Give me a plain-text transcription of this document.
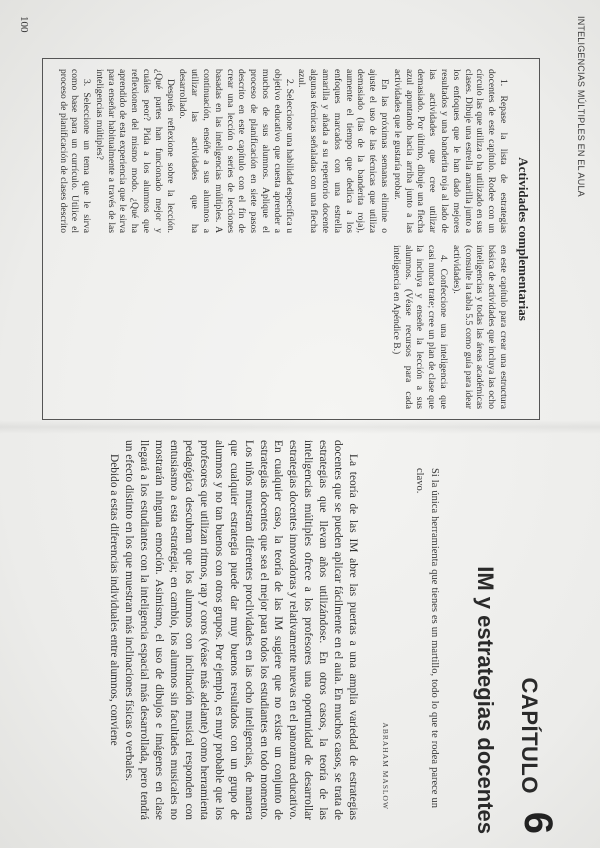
INTELIGENCIAS MÚLTIPLES EN EL AULA
100
Actividades complementarias

1. Repase la lista de estrategias docentes de este capítulo. Rodee con un círculo las que utiliza o ha utilizado en sus clases. Dibuje una estrella amarilla junto a los enfoques que le han dado mejores resultados y una banderita roja al lado de las actividades que cree utilizar demasiado. Por último, dibuje una flecha azul apuntando hacia arriba junto a las actividades que le gustaría probar.

En las próximas semanas elimine o ajuste el uso de las técnicas que utiliza demasiado (las de la banderita roja), aumente el tiempo que dedica a los enfoques marcados con una estrella amarilla y añada a su repertorio docente algunas técnicas señaladas con una flecha azul.

2. Seleccione una habilidad específica u objetivo educativo que cuesta aprender a muchos de sus alumnos. Aplique el proceso de planificación en siete pasos descrito en este capítulo con el fin de crear una lección o series de lecciones basadas en las inteligencias múltiples. A continuación, enséñe a sus alumnos a utilizar las actividades que ha desarrollado.

Después reflexione sobre la lección. ¿Qué partes han funcionado mejor y cuáles peor? Pida a los alumnos que reflexionen del mismo modo. ¿Qué ha aprendido de esta experiencia que le sirva para enseñar habitualmente a través de las inteligencias múltiples?

3. Seleccione un tema que le sirva como base para un currículo. Utilice el proceso de planificación de clases descrito en este capítulo para crear una estructura básica de actividades que incluya las ocho inteligencias y todas las áreas académicas (consulte la tabla 5.5 como guía para idear actividades).

4. Confeccione una inteligencia que casi nunca trate; cree un plan de clase que la incluya y enseñe la lección a sus alumnos. (Véase recursos para cada inteligencia en Apéndice B.)

CAPÍTULO
6
IM y estrategias docentes
Si la única herramienta que tienes es un martillo, todo lo que te rodea parece un clavo.
ABRAHAM MASLOW

La teoría de las IM abre las puertas a una amplia variedad de estrategias docentes que se pueden aplicar fácilmente en el aula. En muchos casos, se trata de estrategias que llevan años utilizándose. En otros casos, la teoría de las inteligencias múltiples ofrece a los profesores una oportunidad de desarrollar estrategias docentes innovadoras y relativamente nuevas en el panorama educativo. En cualquier caso, la teoría de las IM sugiere que no existe un conjunto de estrategias docentes que sea el mejor para todos los estudiantes en todo momento. Los niños muestran diferentes proclividades en las ocho inteligencias, de manera que cualquier estrategia puede dar muy buenos resultados con un grupo de alumnos y no tan buenos con otros grupos. Por ejemplo, es muy probable que los profesores que utilizan ritmos, rap y coros (véase más adelante) como herramienta pedagógica descubran que los alumnos con inclinación musical responden con entusiasmo a esta estrategia; en cambio, los alumnos sin facultades musicales no mostrarán ninguna emoción. Asimismo, el uso de dibujos e imágenes en clase llegará a los estudiantes con la inteligencia espacial más desarrollada, pero tendrá un efecto distinto en los que muestran más inclinaciones físicas o verbales.

Debido a estas diferencias individuales entre alumnos, conviene
